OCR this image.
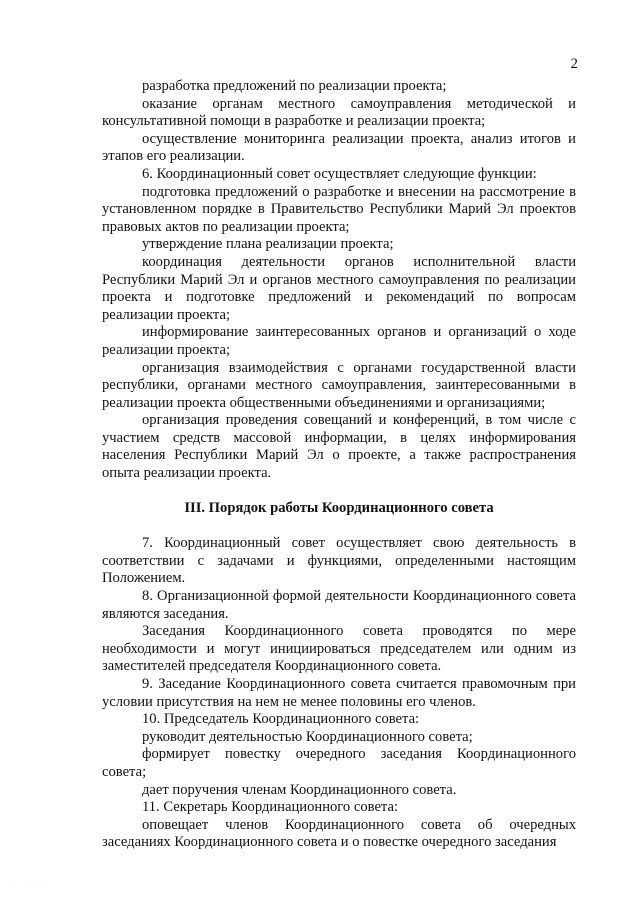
2

разработка предложений по реализации проекта;

оказание органам местного самоуправления методической и консультативной помощи в разработке и реализации проекта;

осуществление мониторинга реализации проекта, анализ итогов и этапов его реализации.

6. Координационный совет осуществляет следующие функции:

подготовка предложений о разработке и внесении на рассмотрение в установленном порядке в Правительство Республики Марий Эл проектов правовых актов по реализации проекта;

утверждение плана реализации проекта;

координация деятельности органов исполнительной власти Республики Марий Эл и органов местного самоуправления по реализации проекта и подготовке предложений и рекомендаций по вопросам реализации проекта;

информирование заинтересованных органов и организаций о ходе реализации проекта;

организация взаимодействия с органами государственной власти республики, органами местного самоуправления, заинтересованными в реализации проекта общественными объединениями и организациями;

организация проведения совещаний и конференций, в том числе с участием средств массовой информации, в целях информирования населения Республики Марий Эл о проекте, а также распространения опыта реализации проекта.

III. Порядок работы Координационного совета

7. Координационный совет осуществляет свою деятельность в соответствии с задачами и функциями, определенными настоящим Положением.

8. Организационной формой деятельности Координационного совета являются заседания.

Заседания Координационного совета проводятся по мере необходимости и могут инициироваться председателем или одним из заместителей председателя Координационного совета.

9. Заседание Координационного совета считается правомочным при условии присутствия на нем не менее половины его членов.

10. Председатель Координационного совета:

руководит деятельностью Координационного совета;

формирует повестку очередного заседания Координационного совета;

дает поручения членам Координационного совета.

11. Секретарь Координационного совета:

оповещает членов Координационного совета об очередных заседаниях Координационного совета и о повестке очередного заседания

· · · ·
